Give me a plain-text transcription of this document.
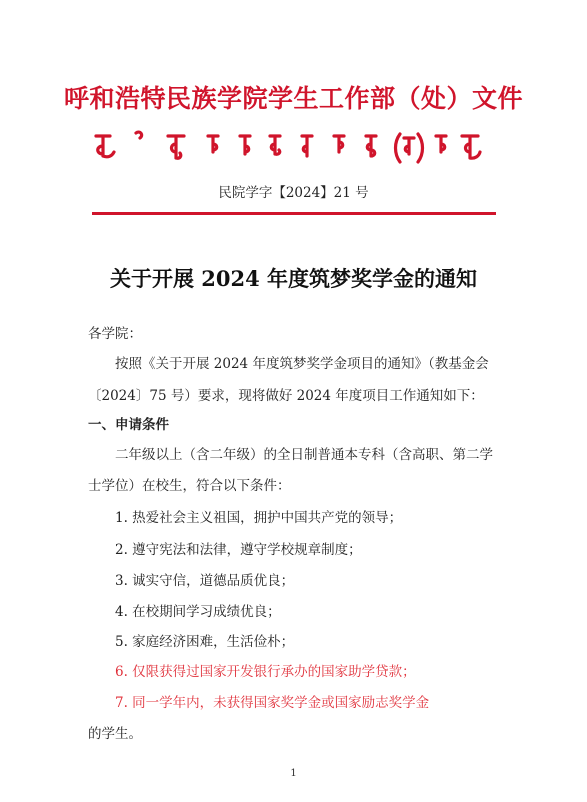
呼和浩特民族学院学生工作部（处）文件
民院学字【2024】21 号
关于开展 2024 年度筑梦奖学金的通知
各学院：
按照《关于开展 2024 年度筑梦奖学金项目的通知》（教基金会
〔2024〕75 号）要求，现将做好 2024 年度项目工作通知如下：
一、申请条件
二年级以上（含二年级）的全日制普通本专科（含高职、第二学
士学位）在校生，符合以下条件：
1. 热爱社会主义祖国，拥护中国共产党的领导；
2. 遵守宪法和法律，遵守学校规章制度；
3. 诚实守信，道德品质优良；
4. 在校期间学习成绩优良；
5. 家庭经济困难，生活俭朴；
6. 仅限获得过国家开发银行承办的国家助学贷款；
7. 同一学年内，未获得国家奖学金或国家励志奖学金
的学生。
1
